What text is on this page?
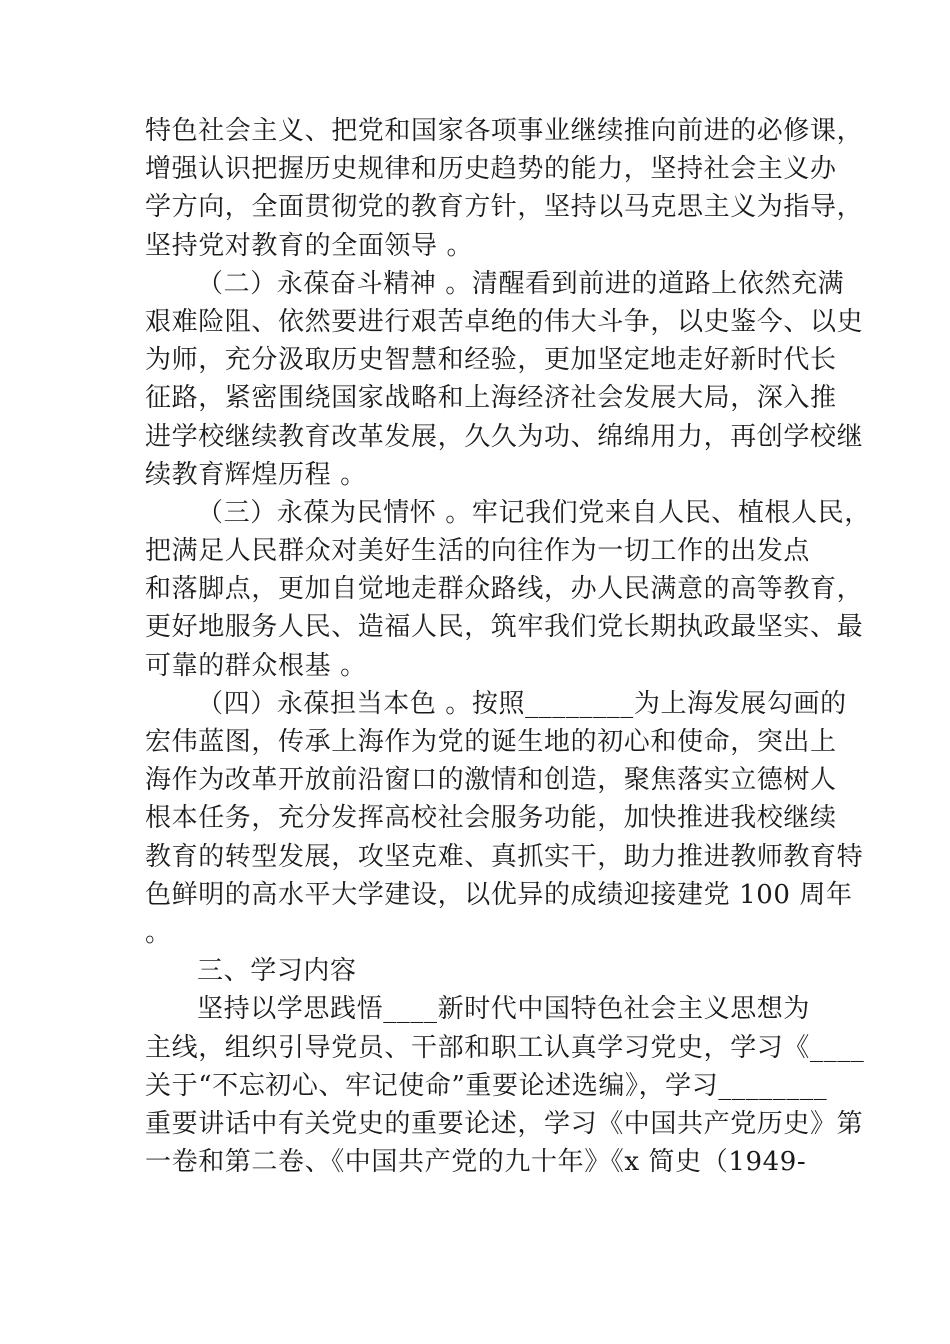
特色社会主义、把党和国家各项事业继续推向前进的必修课，
增强认识把握历史规律和历史趋势的能力，坚持社会主义办
学方向，全面贯彻党的教育方针，坚持以马克思主义为指导，
坚持党对教育的全面领导 。

（二）永葆奋斗精神 。清醒看到前进的道路上依然充满
艰难险阻、依然要进行艰苦卓绝的伟大斗争，以史鉴今、以史
为师，充分汲取历史智慧和经验，更加坚定地走好新时代长
征路，紧密围绕国家战略和上海经济社会发展大局，深入推
进学校继续教育改革发展，久久为功、绵绵用力，再创学校继
续教育辉煌历程 。

（三）永葆为民情怀 。牢记我们党来自人民、植根人民，
把满足人民群众对美好生活的向往作为一切工作的出发点
和落脚点，更加自觉地走群众路线，办人民满意的高等教育，
更好地服务人民、造福人民，筑牢我们党长期执政最坚实、最
可靠的群众根基 。

（四）永葆担当本色 。按照________为上海发展勾画的
宏伟蓝图，传承上海作为党的诞生地的初心和使命，突出上
海作为改革开放前沿窗口的激情和创造，聚焦落实立德树人
根本任务，充分发挥高校社会服务功能，加快推进我校继续
教育的转型发展，攻坚克难、真抓实干，助力推进教师教育特
色鲜明的高水平大学建设，以优异的成绩迎接建党 100 周年
。

三、学习内容

坚持以学思践悟____新时代中国特色社会主义思想为
主线，组织引导党员、干部和职工认真学习党史，学习《____
关于“不忘初心、牢记使命”重要论述选编》，学习________
重要讲话中有关党史的重要论述，学习《中国共产党历史》第
一卷和第二卷、《中国共产党的九十年》《x 简史（1949-
